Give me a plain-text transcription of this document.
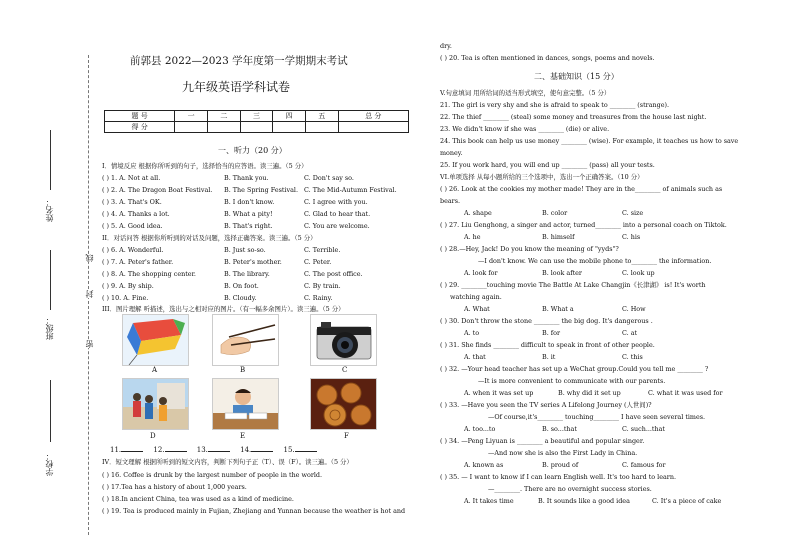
姓名：
班级：
学校：
线
封
密
前郭县 2022—2023 学年度第一学期期末考试
九年级英语学科试卷
题 号	一	二	三	四	五	总 分
得 分						
一、听力（20 分）
I．情境反应 根据你所听到的句子，选择恰当的应答语。读三遍。（5 分）
( ) 1. A. Not at all.	B. Thank you.	C. Don't say so.
( ) 2. A. The Dragon Boat Festival. B. The Spring Festival. C. The Mid-Autumn Festival.
( ) 3. A. That's OK.	B. I don't know.	C. I agree with you.
( ) 4. A. Thanks a lot.	B. What a pity!	C. Glad to hear that.
( ) 5. A. Good idea.	B. That's right.	C. You are welcome.
II．对话问答 根据你所听到的对话及问题，选择正确答案。读三遍。（5 分）
( ) 6. A. Wonderful.	B. Just so-so.	C. Terrible.
( ) 7. A. Peter's father.	B. Peter's mother.	C. Peter.
( ) 8. A. The shopping center.	B. The library.	C. The post office.
( ) 9. A. By ship.	B. On foot.	C. By train.
( ) 10. A. Fine.	B. Cloudy.	C. Rainy.
III．图片理解 听描述，选出与之相对应的图片。（有一幅多余图片）。读三遍。（5 分）
A	B	C
D	E	F
11.	12.	13.	14.	15.
IV．短文理解 根据所听到的短文内容，判断下列句子正（T）、误（F）。读三遍。（5 分）
( ) 16. Coffee is drunk by the largest number of people in the world.
( ) 17.Tea has a history of about 1,000 years.
( ) 18.In ancient China, tea was used as a kind of medicine.
( ) 19. Tea is produced mainly in Fujian, Zhejiang and Yunnan because the weather is hot and
dry.
( ) 20. Tea is often mentioned in dances, songs, poems and novels.
二、基础知识（15 分）
V.句意填词 用所给词的适当形式填空，使句意完整。（5 分）
21. The girl is very shy and she is afraid to speak to ________ (strange).
22. The thief ________ (steal) some money and treasures from the house last night.
23. We didn't know if she was ________ (die) or alive.
24. This book can help us use money ________ (wise). For example, it teaches us how to save
money.
25. If you work hard, you will end up ________ (pass) all your tests.
VI.单项选择 从每小题所给的三个选项中，选出一个正确答案。（10 分）
( ) 26. Look at the cookies my mother made! They are in the________ of animals such as
bears.
A. shape	B. color	C. size
( ) 27. Liu Genghong, a singer and actor, turned________ into a personal coach on Tiktok.
A. he	B. himself	C. his
( ) 28.—Hey, Jack! Do you know the meaning of "yyds"?
—I don't know. We can use the mobile phone to________ the information.
A. look for	B. look after	C. look up
( ) 29. ________touching movie The Battle At Lake Changjin《长津湖》 is! It's worth
watching again.
A. What	B. What a	C. How
( ) 30. Don't throw the stone ________ the big dog. It's dangerous .
A. to	B. for	C. at
( ) 31. She finds ________ difficult to speak in front of other people.
A. that	B. it	C. this
( ) 32. —Your head teacher has set up a WeChat group.Could you tell me ________ ?
—It is more convenient to communicate with our parents.
A. when it was set up	B. why did it set up	C. what it was used for
( ) 33. —Have you seen the TV series A Lifelong Journey (人世间)?
—Of course,it's________ touching________ I have seen several times.
A. too...to	B. so...that	C. such...that
( ) 34. —Peng Liyuan is ________ a beautiful and popular singer.
—And now she is also the First Lady in China.
A. known as	B. proud of	C. famous for
( ) 35. — I want to know if I can learn English well. It's too hard to learn.
—________. There are no overnight success stories.
A. It takes time	B. It sounds like a good idea	C. It's a piece of cake
